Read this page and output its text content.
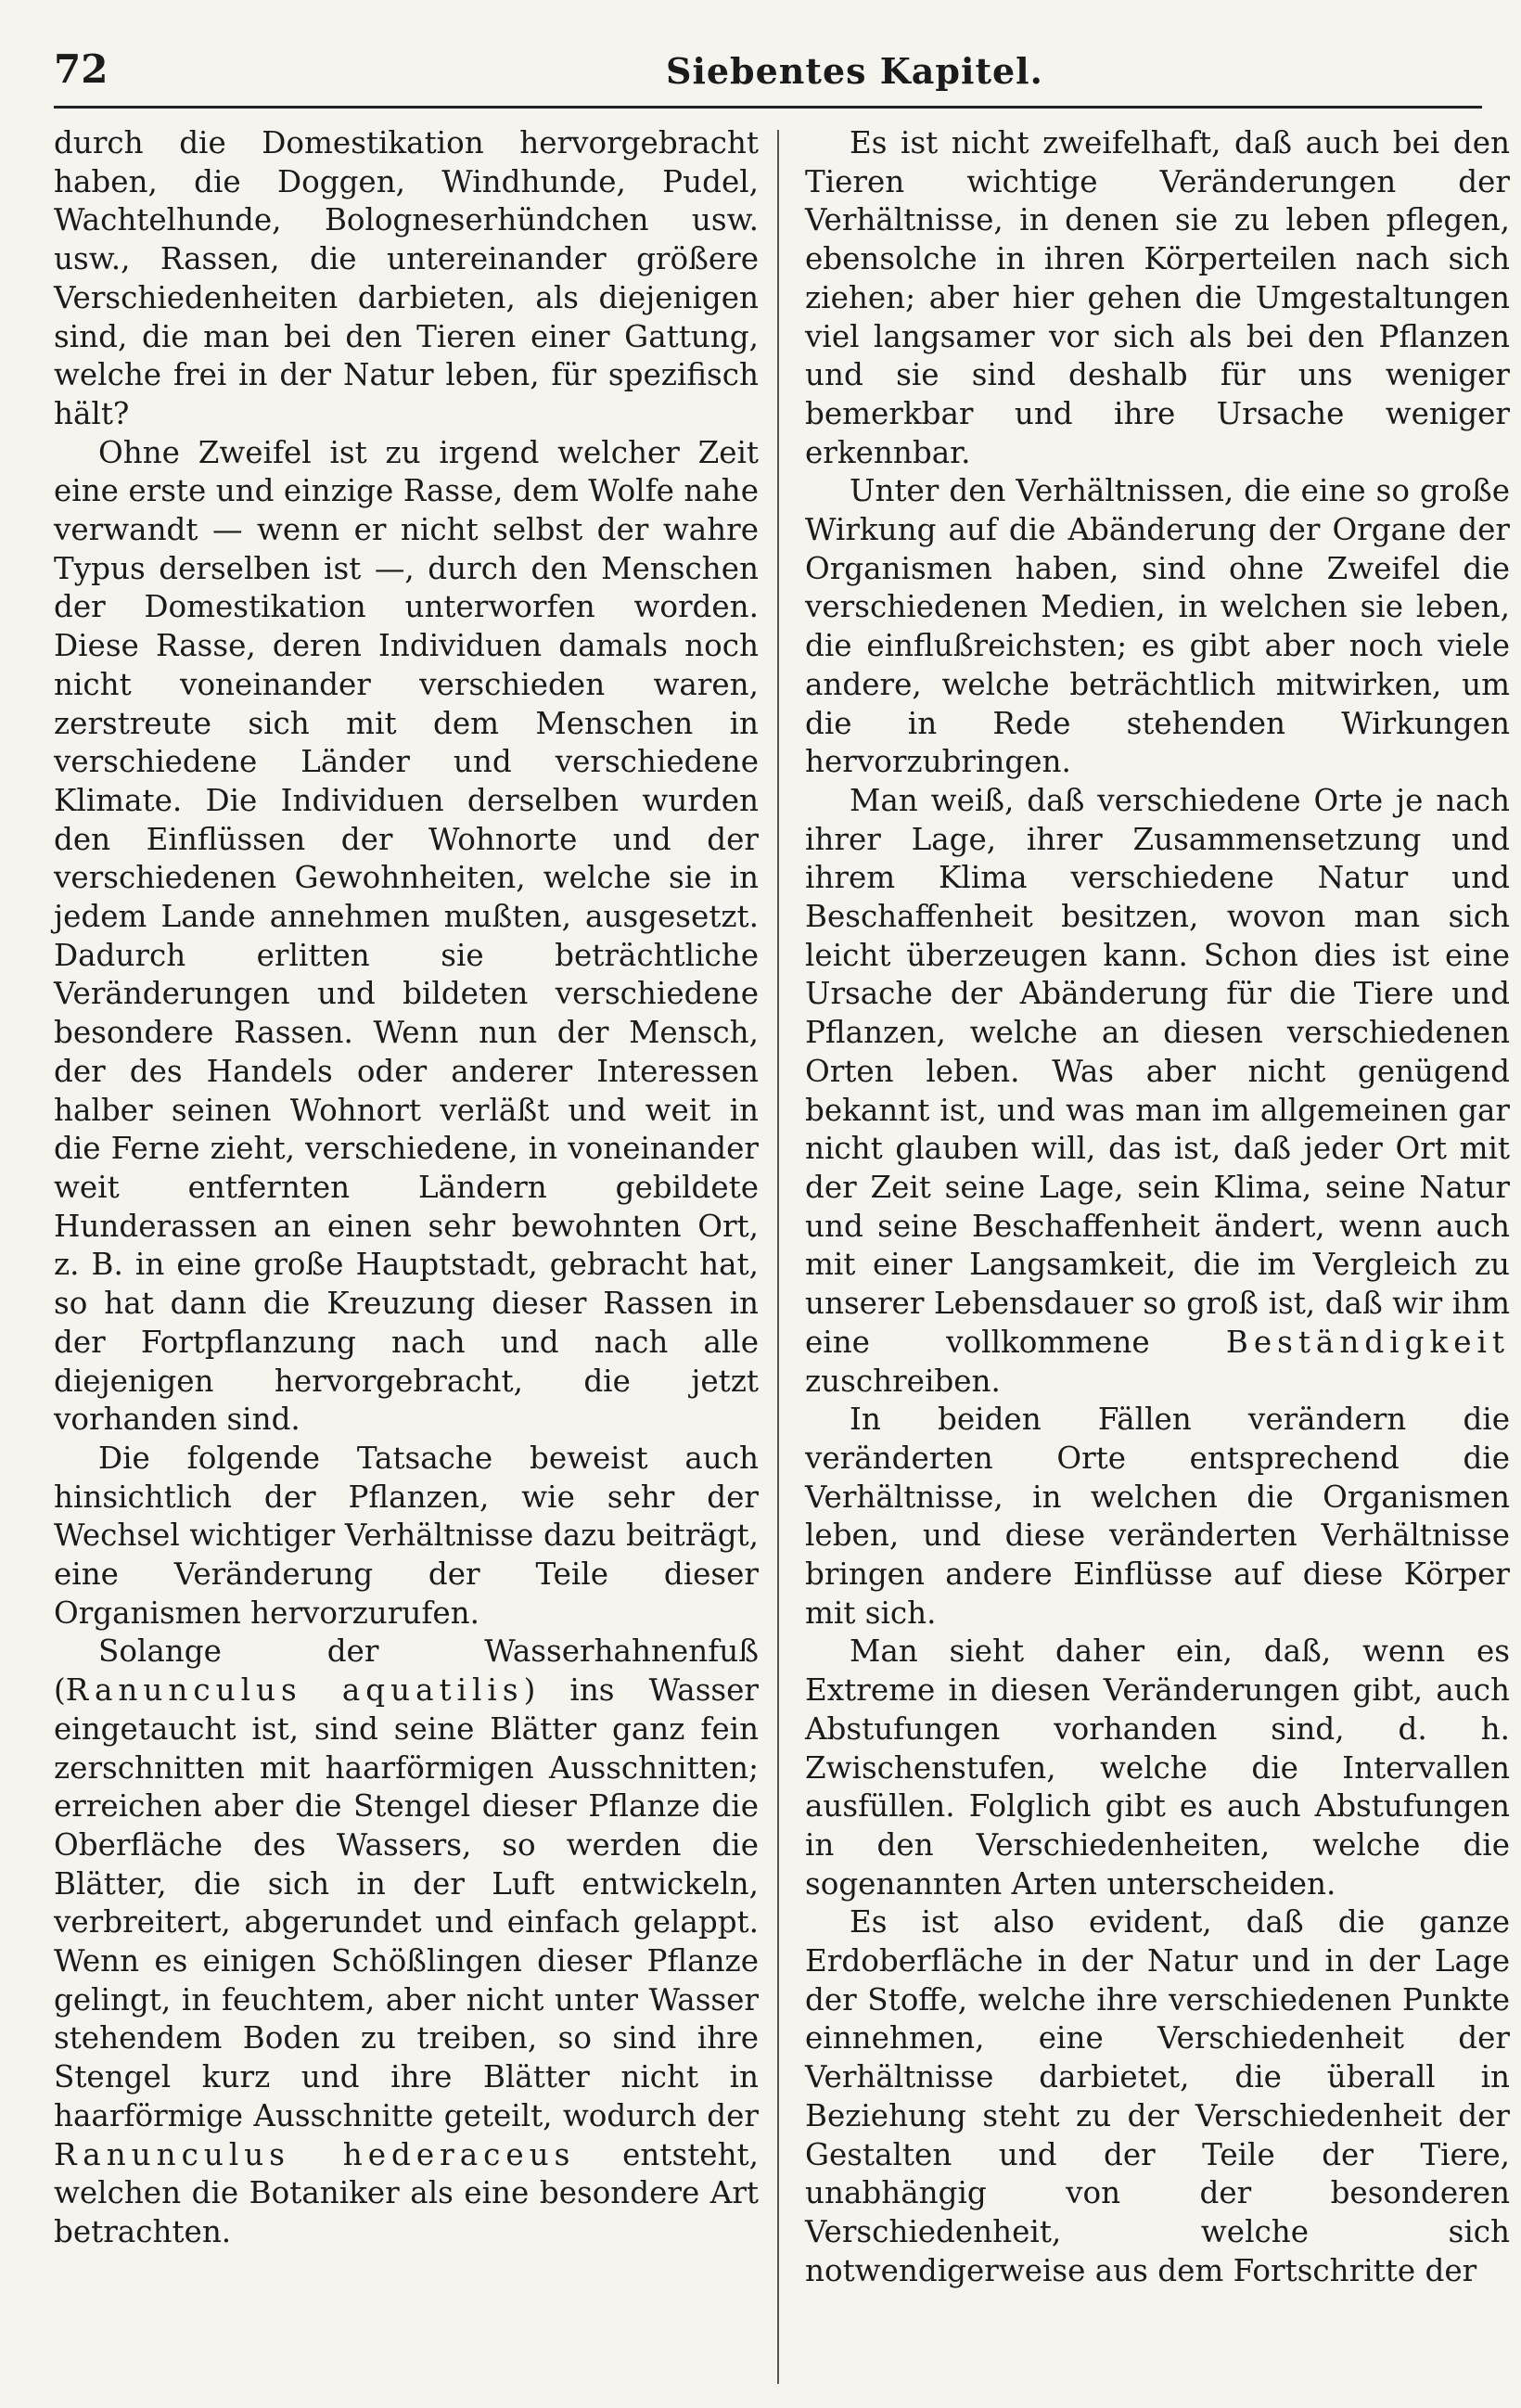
72	Siebentes Kapitel.

durch die Domestikation hervorgebracht haben, die Doggen, Windhunde, Pudel, Wachtelhunde, Bologneserhündchen usw. usw., Rassen, die untereinander größere Verschiedenheiten darbieten, als diejenigen sind, die man bei den Tieren einer Gattung, welche frei in der Natur leben, für spezifisch hält?

Ohne Zweifel ist zu irgend welcher Zeit eine erste und einzige Rasse, dem Wolfe nahe verwandt — wenn er nicht selbst der wahre Typus derselben ist —, durch den Menschen der Domestikation unterworfen worden. Diese Rasse, deren Individuen damals noch nicht voneinander verschieden waren, zerstreute sich mit dem Menschen in verschiedene Länder und verschiedene Klimate. Die Individuen derselben wurden den Einflüssen der Wohnorte und der verschiedenen Gewohnheiten, welche sie in jedem Lande annehmen mußten, ausgesetzt. Dadurch erlitten sie beträchtliche Veränderungen und bildeten verschiedene besondere Rassen. Wenn nun der Mensch, der des Handels oder anderer Interessen halber seinen Wohnort verläßt und weit in die Ferne zieht, verschiedene, in voneinander weit entfernten Ländern gebildete Hunderassen an einen sehr bewohnten Ort, z. B. in eine große Hauptstadt, gebracht hat, so hat dann die Kreuzung dieser Rassen in der Fortpflanzung nach und nach alle diejenigen hervorgebracht, die jetzt vorhanden sind.

Die folgende Tatsache beweist auch hinsichtlich der Pflanzen, wie sehr der Wechsel wichtiger Verhältnisse dazu beiträgt, eine Veränderung der Teile dieser Organismen hervorzurufen.

Solange der Wasserhahnenfuß (Ranunculus aquatilis) ins Wasser eingetaucht ist, sind seine Blätter ganz fein zerschnitten mit haarförmigen Ausschnitten; erreichen aber die Stengel dieser Pflanze die Oberfläche des Wassers, so werden die Blätter, die sich in der Luft entwickeln, verbreitert, abgerundet und einfach gelappt. Wenn es einigen Schößlingen dieser Pflanze gelingt, in feuchtem, aber nicht unter Wasser stehendem Boden zu treiben, so sind ihre Stengel kurz und ihre Blätter nicht in haarförmige Ausschnitte geteilt, wodurch der Ranunculus hederaceus entsteht, welchen die Botaniker als eine besondere Art betrachten.

Es ist nicht zweifelhaft, daß auch bei den Tieren wichtige Veränderungen der Verhältnisse, in denen sie zu leben pflegen, ebensolche in ihren Körperteilen nach sich ziehen; aber hier gehen die Umgestaltungen viel langsamer vor sich als bei den Pflanzen und sie sind deshalb für uns weniger bemerkbar und ihre Ursache weniger erkennbar.

Unter den Verhältnissen, die eine so große Wirkung auf die Abänderung der Organe der Organismen haben, sind ohne Zweifel die verschiedenen Medien, in welchen sie leben, die einflußreichsten; es gibt aber noch viele andere, welche beträchtlich mitwirken, um die in Rede stehenden Wirkungen hervorzubringen.

Man weiß, daß verschiedene Orte je nach ihrer Lage, ihrer Zusammensetzung und ihrem Klima verschiedene Natur und Beschaffenheit besitzen, wovon man sich leicht überzeugen kann. Schon dies ist eine Ursache der Abänderung für die Tiere und Pflanzen, welche an diesen verschiedenen Orten leben. Was aber nicht genügend bekannt ist, und was man im allgemeinen gar nicht glauben will, das ist, daß jeder Ort mit der Zeit seine Lage, sein Klima, seine Natur und seine Beschaffenheit ändert, wenn auch mit einer Langsamkeit, die im Vergleich zu unserer Lebensdauer so groß ist, daß wir ihm eine vollkommene Beständigkeit zuschreiben.

In beiden Fällen verändern die veränderten Orte entsprechend die Verhältnisse, in welchen die Organismen leben, und diese veränderten Verhältnisse bringen andere Einflüsse auf diese Körper mit sich.

Man sieht daher ein, daß, wenn es Extreme in diesen Veränderungen gibt, auch Abstufungen vorhanden sind, d. h. Zwischenstufen, welche die Intervallen ausfüllen. Folglich gibt es auch Abstufungen in den Verschiedenheiten, welche die sogenannten Arten unterscheiden.

Es ist also evident, daß die ganze Erdoberfläche in der Natur und in der Lage der Stoffe, welche ihre verschiedenen Punkte einnehmen, eine Verschiedenheit der Verhältnisse darbietet, die überall in Beziehung steht zu der Verschiedenheit der Gestalten und der Teile der Tiere, unabhängig von der besonderen Verschiedenheit, welche sich notwendigerweise aus dem Fortschritte der
